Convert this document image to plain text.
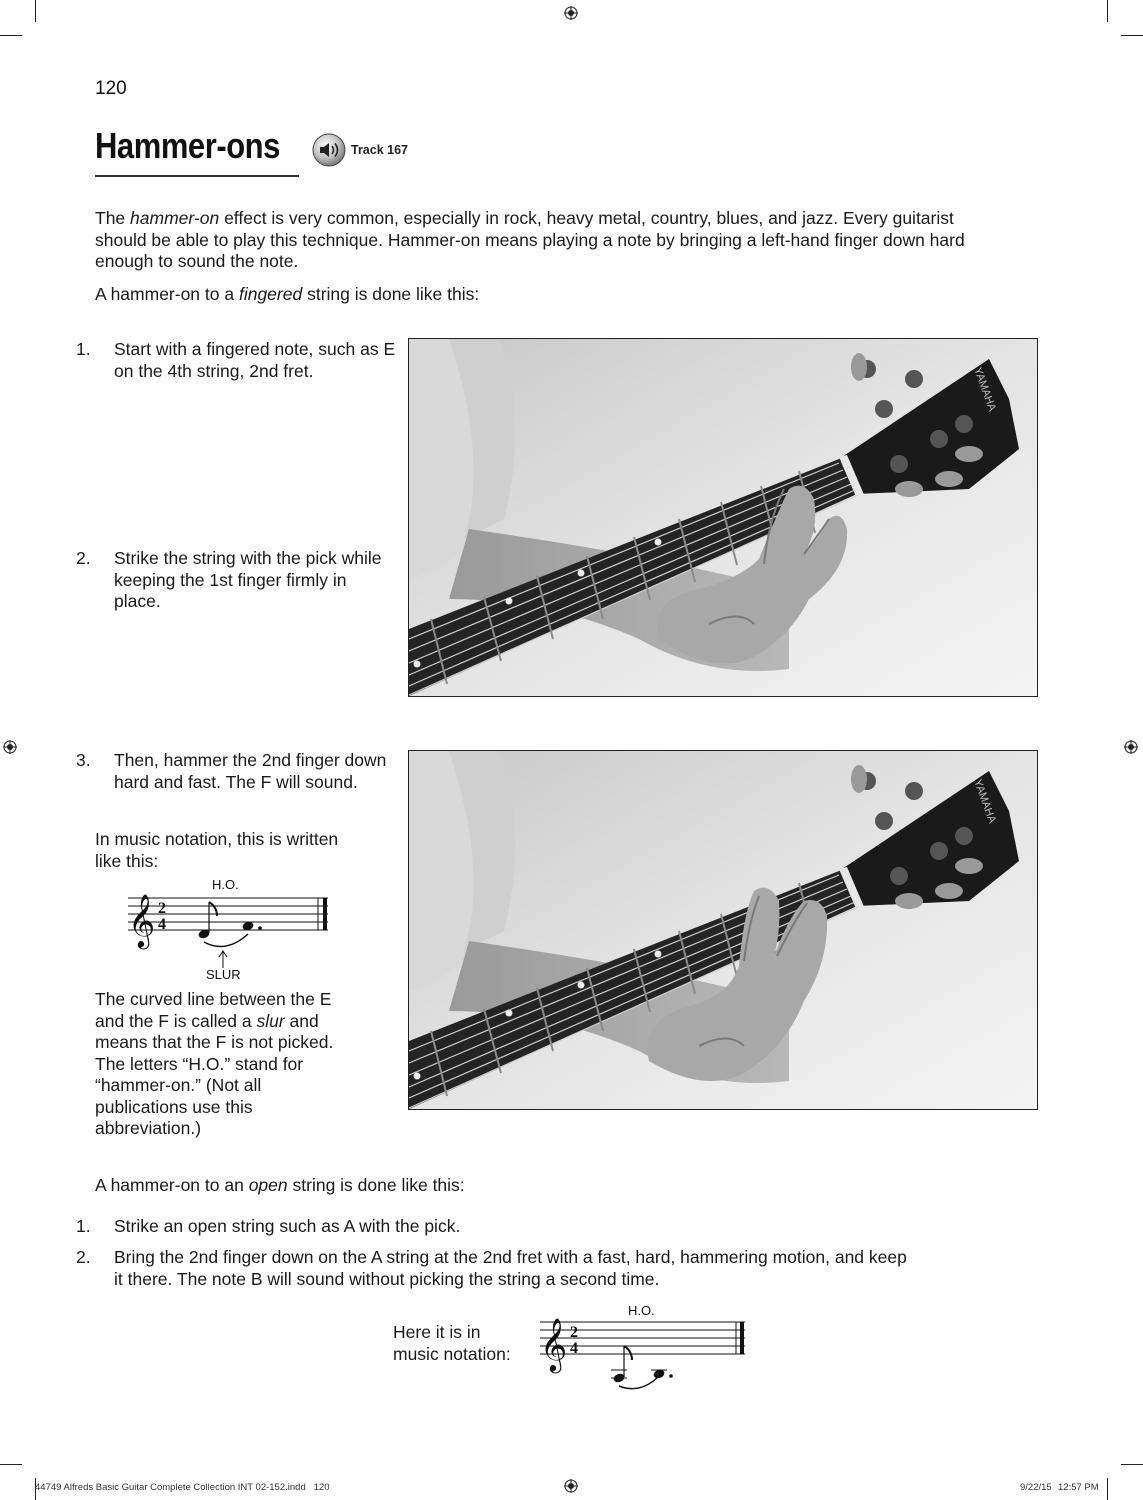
120
Hammer-ons	Track 167
The hammer-on effect is very common, especially in rock, heavy metal, country, blues, and jazz. Every guitarist should be able to play this technique. Hammer-on means playing a note by bringing a left-hand finger down hard enough to sound the note.
A hammer-on to a fingered string is done like this:
1. Start with a fingered note, such as E on the 4th string, 2nd fret.
2. Strike the string with the pick while keeping the 1st finger firmly in place.
3. Then, hammer the 2nd finger down hard and fast. The F will sound.
In music notation, this is written like this:
𝄞 2
4
H.O.
SLUR
The curved line between the E and the F is called a slur and means that the F is not picked. The letters “H.O.” stand for “hammer-on.” (Not all publications use this abbreviation.)
YAMAHA
YAMAHA
A hammer-on to an open string is done like this:
1. Strike an open string such as A with the pick.
2. Bring the 2nd finger down on the A string at the 2nd fret with a fast, hard, hammering motion, and keep it there. The note B will sound without picking the string a second time.
Here it is in music notation: 𝄞 2
4
H.O.
44749 Alfreds Basic Guitar Complete Collection INT 02-152.indd   120	9/22/15 12:57 PM
